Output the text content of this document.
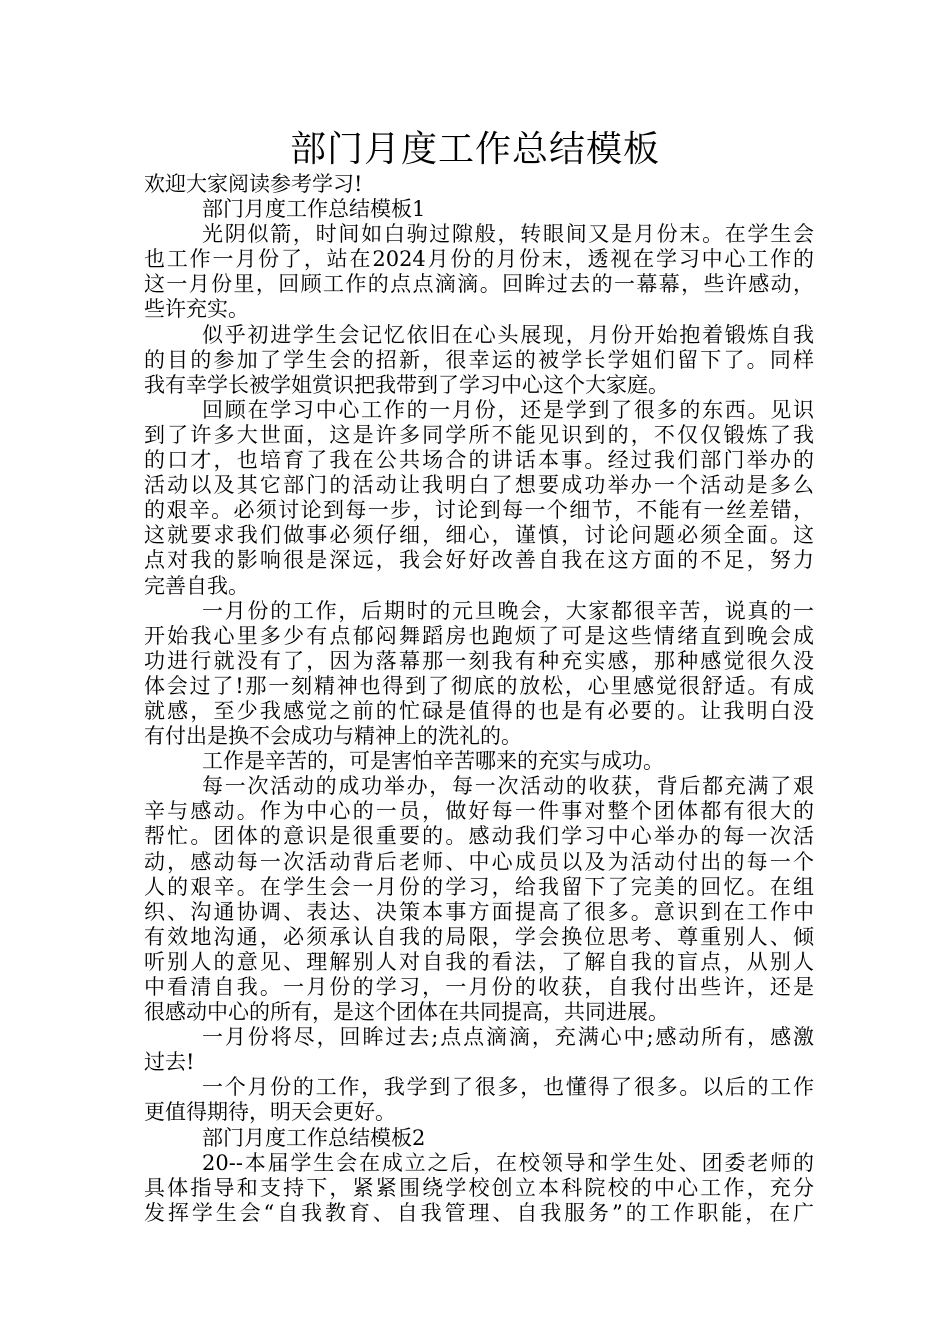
部门月度工作总结模板
欢迎大家阅读参考学习!
部门月度工作总结模板1
光阴似箭，时间如白驹过隙般，转眼间又是月份末。在学生会
也工作一月份了，站在2024月份的月份末，透视在学习中心工作的
这一月份里，回顾工作的点点滴滴。回眸过去的一幕幕，些许感动，
些许充实。
似乎初进学生会记忆依旧在心头展现，月份开始抱着锻炼自我
的目的参加了学生会的招新，很幸运的被学长学姐们留下了。同样
我有幸学长被学姐赏识把我带到了学习中心这个大家庭。
回顾在学习中心工作的一月份，还是学到了很多的东西。见识
到了许多大世面，这是许多同学所不能见识到的，不仅仅锻炼了我
的口才，也培育了我在公共场合的讲话本事。经过我们部门举办的
活动以及其它部门的活动让我明白了想要成功举办一个活动是多么
的艰辛。必须讨论到每一步，讨论到每一个细节，不能有一丝差错，
这就要求我们做事必须仔细，细心，谨慎，讨论问题必须全面。这
点对我的影响很是深远，我会好好改善自我在这方面的不足，努力
完善自我。
一月份的工作，后期时的元旦晚会，大家都很辛苦，说真的一
开始我心里多少有点郁闷舞蹈房也跑烦了可是这些情绪直到晚会成
功进行就没有了，因为落幕那一刻我有种充实感，那种感觉很久没
体会过了!那一刻精神也得到了彻底的放松，心里感觉很舒适。有成
就感，至少我感觉之前的忙碌是值得的也是有必要的。让我明白没
有付出是换不会成功与精神上的洗礼的。
工作是辛苦的，可是害怕辛苦哪来的充实与成功。
每一次活动的成功举办，每一次活动的收获，背后都充满了艰
辛与感动。作为中心的一员，做好每一件事对整个团体都有很大的
帮忙。团体的意识是很重要的。感动我们学习中心举办的每一次活
动，感动每一次活动背后老师、中心成员以及为活动付出的每一个
人的艰辛。在学生会一月份的学习，给我留下了完美的回忆。在组
织、沟通协调、表达、决策本事方面提高了很多。意识到在工作中
有效地沟通，必须承认自我的局限，学会换位思考、尊重别人、倾
听别人的意见、理解别人对自我的看法，了解自我的盲点，从别人
中看清自我。一月份的学习，一月份的收获，自我付出些许，还是
很感动中心的所有，是这个团体在共同提高，共同进展。
一月份将尽，回眸过去;点点滴滴，充满心中;感动所有，感激
过去!
一个月份的工作，我学到了很多，也懂得了很多。以后的工作
更值得期待，明天会更好。
部门月度工作总结模板2
20--本届学生会在成立之后，在校领导和学生处、团委老师的
具体指导和支持下，紧紧围绕学校创立本科院校的中心工作，充分
发挥学生会“自我教育、自我管理、自我服务”的工作职能，在广
